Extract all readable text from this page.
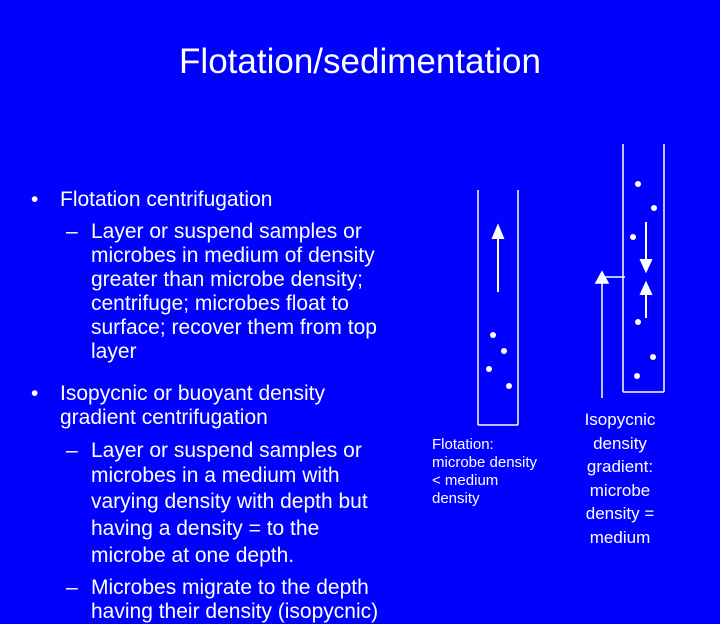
Flotation/sedimentation
• Flotation centrifugation
– Layer or suspend samples or
microbes in medium of density
greater than microbe density;
centrifuge; microbes float to
surface; recover them from top
layer
• Isopycnic or buoyant density
gradient centrifugation
– Layer or suspend samples or
microbes in a medium with
varying density with depth but
having a density = to the
microbe at one depth.
– Microbes migrate to the depth
having their density (isopycnic)
Flotation:
microbe density
< medium
density
Isopycnic
density
gradient:
microbe
density =
medium
